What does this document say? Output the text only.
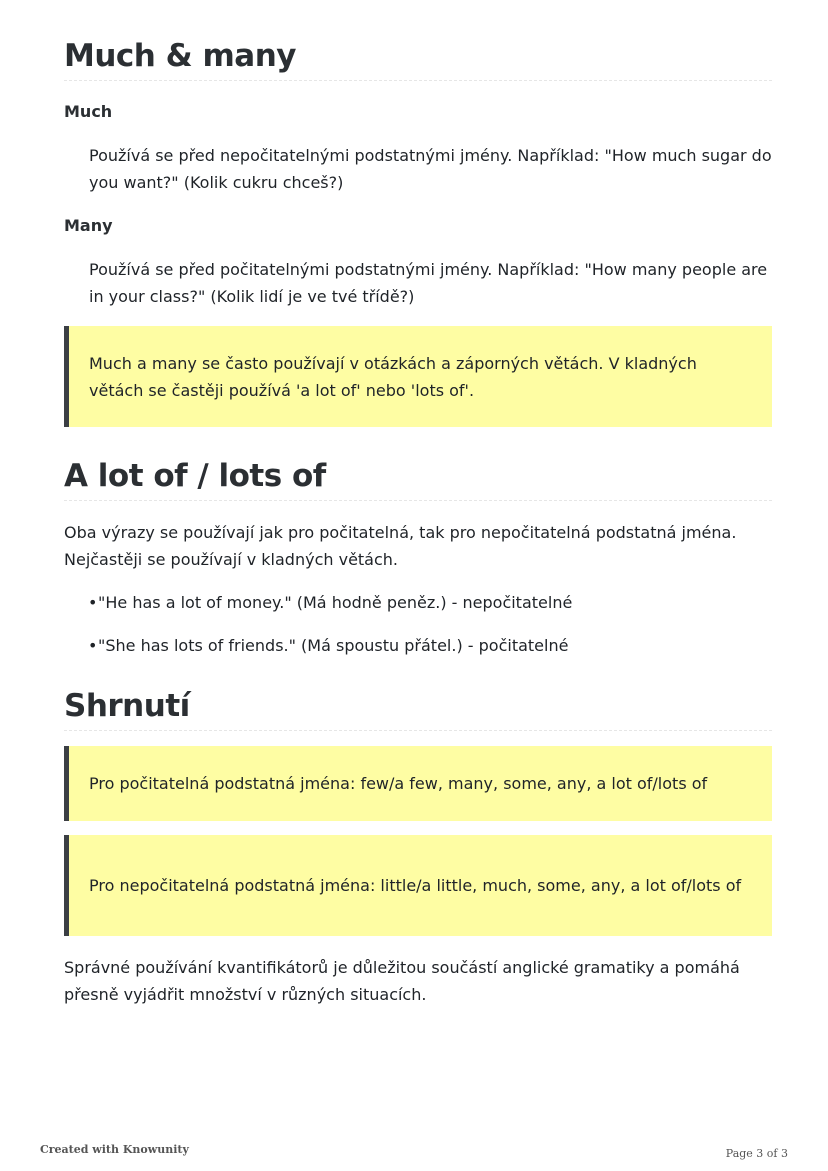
Much & many
Much

Používá se před nepočitatelnými podstatnými jmény. Například: "How much sugar do you want?" (Kolik cukru chceš?)

Many

Používá se před počitatelnými podstatnými jmény. Například: "How many people are in your class?" (Kolik lidí je ve tvé třídě?)

Much a many se často používají v otázkách a záporných větách. V kladných větách se častěji používá 'a lot of' nebo 'lots of'.
A lot of / lots of

Oba výrazy se používají jak pro počitatelná, tak pro nepočitatelná podstatná jména. Nejčastěji se používají v kladných větách.

• "He has a lot of money." (Má hodně peněz.) - nepočitatelné
• "She has lots of friends." (Má spoustu přátel.) - počitatelné
Shrnutí
Pro počitatelná podstatná jména: few/a few, many, some, any, a lot of/lots of
Pro nepočitatelná podstatná jména: little/a little, much, some, any, a lot of/lots of

Správné používání kvantifikátorů je důležitou součástí anglické gramatiky a pomáhá přesně vyjádřit množství v různých situacích.

Created with Knowunity	Page 3 of 3
